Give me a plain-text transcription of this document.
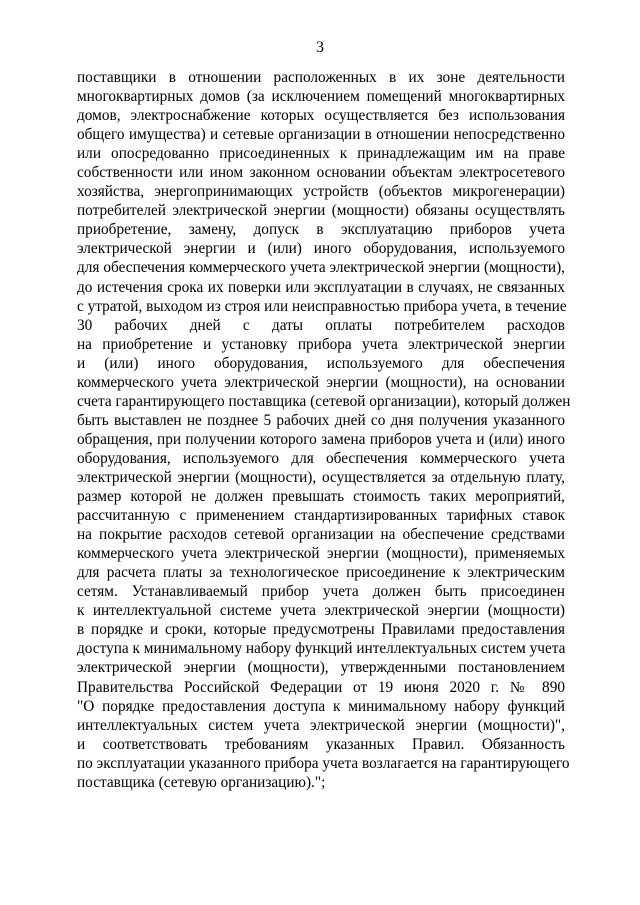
3
поставщики в отношении расположенных в их зоне деятельности
многоквартирных домов (за исключением помещений многоквартирных
домов, электроснабжение которых осуществляется без использования
общего имущества) и сетевые организации в отношении непосредственно
или опосредованно присоединенных к принадлежащим им на праве
собственности или ином законном основании объектам электросетевого
хозяйства, энергопринимающих устройств (объектов микрогенерации)
потребителей электрической энергии (мощности) обязаны осуществлять
приобретение, замену, допуск в эксплуатацию приборов учета
электрической энергии и (или) иного оборудования, используемого
для обеспечения коммерческого учета электрической энергии (мощности),
до истечения срока их поверки или эксплуатации в случаях, не связанных
с утратой, выходом из строя или неисправностью прибора учета, в течение
30 рабочих дней с даты оплаты потребителем расходов
на приобретение и установку прибора учета электрической энергии
и (или) иного оборудования, используемого для обеспечения
коммерческого учета электрической энергии (мощности), на основании
счета гарантирующего поставщика (сетевой организации), который должен
быть выставлен не позднее 5 рабочих дней со дня получения указанного
обращения, при получении которого замена приборов учета и (или) иного
оборудования, используемого для обеспечения коммерческого учета
электрической энергии (мощности), осуществляется за отдельную плату,
размер которой не должен превышать стоимость таких мероприятий,
рассчитанную с применением стандартизированных тарифных ставок
на покрытие расходов сетевой организации на обеспечение средствами
коммерческого учета электрической энергии (мощности), применяемых
для расчета платы за технологическое присоединение к электрическим
сетям. Устанавливаемый прибор учета должен быть присоединен
к интеллектуальной системе учета электрической энергии (мощности)
в порядке и сроки, которые предусмотрены Правилами предоставления
доступа к минимальному набору функций интеллектуальных систем учета
электрической энергии (мощности), утвержденными постановлением
Правительства Российской Федерации от 19 июня 2020 г. № 890
"О порядке предоставления доступа к минимальному набору функций
интеллектуальных систем учета электрической энергии (мощности)",
и соответствовать требованиям указанных Правил. Обязанность
по эксплуатации указанного прибора учета возлагается на гарантирующего
поставщика (сетевую организацию).";
